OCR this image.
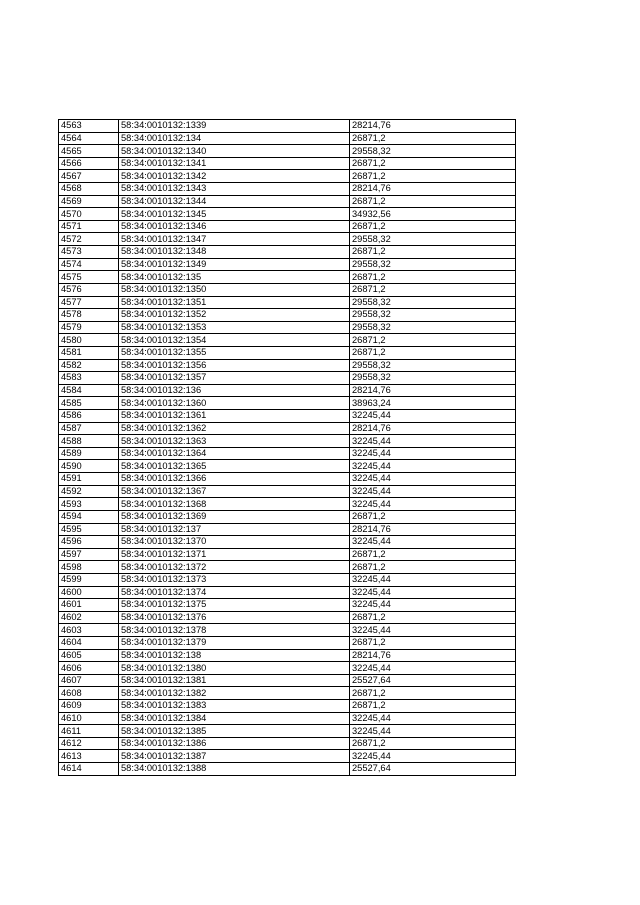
4563	58:34:0010132:1339	28214,76
4564	58:34:0010132:134	26871,2
4565	58:34:0010132:1340	29558,32
4566	58:34:0010132:1341	26871,2
4567	58:34:0010132:1342	26871,2
4568	58:34:0010132:1343	28214,76
4569	58:34:0010132:1344	26871,2
4570	58:34:0010132:1345	34932,56
4571	58:34:0010132:1346	26871,2
4572	58:34:0010132:1347	29558,32
4573	58:34:0010132:1348	26871,2
4574	58:34:0010132:1349	29558,32
4575	58:34:0010132:135	26871,2
4576	58:34:0010132:1350	26871,2
4577	58:34:0010132:1351	29558,32
4578	58:34:0010132:1352	29558,32
4579	58:34:0010132:1353	29558,32
4580	58:34:0010132:1354	26871,2
4581	58:34:0010132:1355	26871,2
4582	58:34:0010132:1356	29558,32
4583	58:34:0010132:1357	29558,32
4584	58:34:0010132:136	28214,76
4585	58:34:0010132:1360	38963,24
4586	58:34:0010132:1361	32245,44
4587	58:34:0010132:1362	28214,76
4588	58:34:0010132:1363	32245,44
4589	58:34:0010132:1364	32245,44
4590	58:34:0010132:1365	32245,44
4591	58:34:0010132:1366	32245,44
4592	58:34:0010132:1367	32245,44
4593	58:34:0010132:1368	32245,44
4594	58:34:0010132:1369	26871,2
4595	58:34:0010132:137	28214,76
4596	58:34:0010132:1370	32245,44
4597	58:34:0010132:1371	26871,2
4598	58:34:0010132:1372	26871,2
4599	58:34:0010132:1373	32245,44
4600	58:34:0010132:1374	32245,44
4601	58:34:0010132:1375	32245,44
4602	58:34:0010132:1376	26871,2
4603	58:34:0010132:1378	32245,44
4604	58:34:0010132:1379	26871,2
4605	58:34:0010132:138	28214,76
4606	58:34:0010132:1380	32245,44
4607	58:34:0010132:1381	25527,64
4608	58:34:0010132:1382	26871,2
4609	58:34:0010132:1383	26871,2
4610	58:34:0010132:1384	32245,44
4611	58:34:0010132:1385	32245,44
4612	58:34:0010132:1386	26871,2
4613	58:34:0010132:1387	32245,44
4614	58:34:0010132:1388	25527,64
